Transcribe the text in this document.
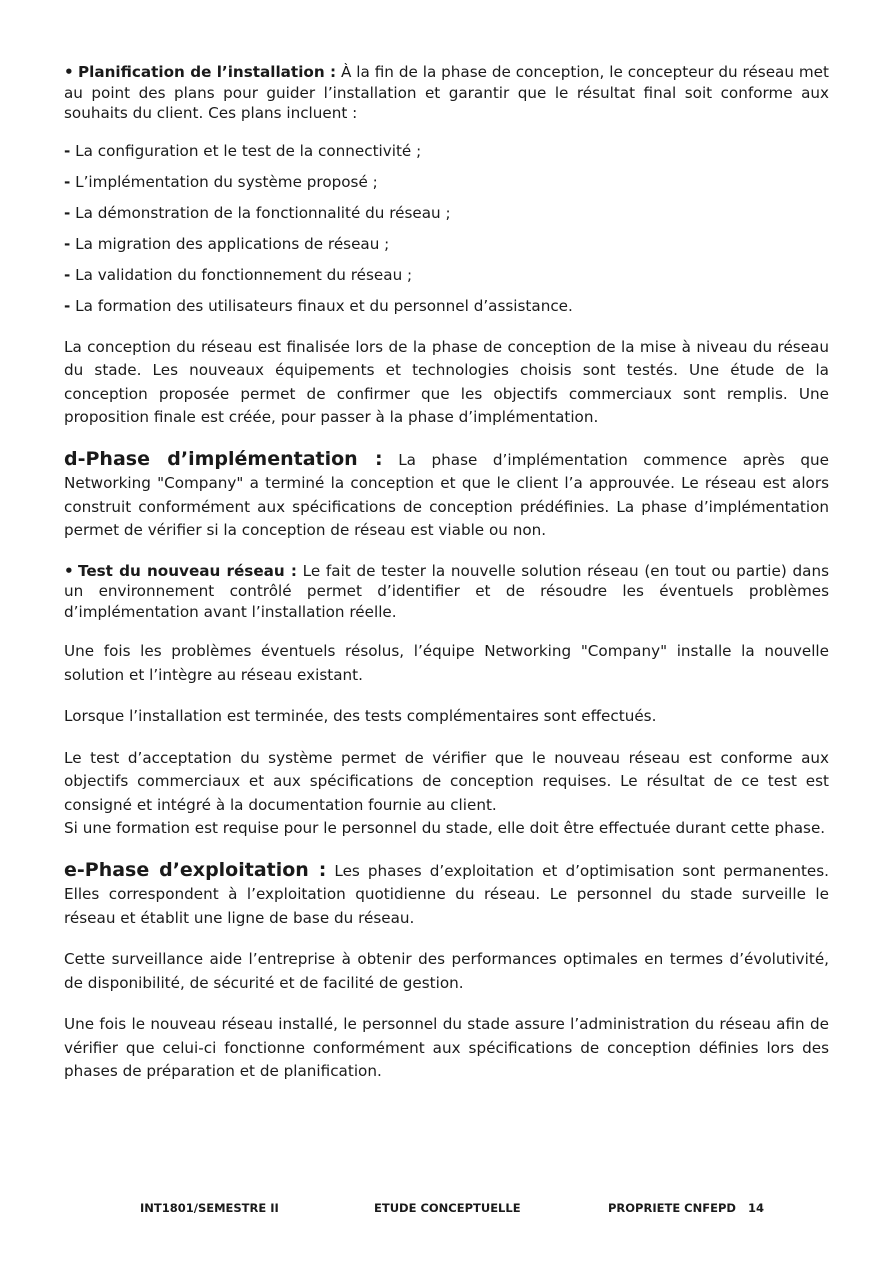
• Planification de l’installation : À la fin de la phase de conception, le concepteur du réseau met au point des plans pour guider l’installation et garantir que le résultat final soit conforme aux souhaits du client. Ces plans incluent :

- La configuration et le test de la connectivité ;
- L’implémentation du système proposé ;
- La démonstration de la fonctionnalité du réseau ;
- La migration des applications de réseau ;
- La validation du fonctionnement du réseau ;
- La formation des utilisateurs finaux et du personnel d’assistance.

La conception du réseau est finalisée lors de la phase de conception de la mise à niveau du réseau du stade. Les nouveaux équipements et technologies choisis sont testés. Une étude de la conception proposée permet de confirmer que les objectifs commerciaux sont remplis. Une proposition finale est créée, pour passer à la phase d’implémentation.

d-Phase d’implémentation : La phase d’implémentation commence après que Networking "Company" a terminé la conception et que le client l’a approuvée. Le réseau est alors construit conformément aux spécifications de conception prédéfinies. La phase d’implémentation permet de vérifier si la conception de réseau est viable ou non.

• Test du nouveau réseau : Le fait de tester la nouvelle solution réseau (en tout ou partie) dans un environnement contrôlé permet d’identifier et de résoudre les éventuels problèmes d’implémentation avant l’installation réelle.

Une fois les problèmes éventuels résolus, l’équipe Networking "Company" installe la nouvelle solution et l’intègre au réseau existant.

Lorsque l’installation est terminée, des tests complémentaires sont effectués.

Le test d’acceptation du système permet de vérifier que le nouveau réseau est conforme aux objectifs commerciaux et aux spécifications de conception requises. Le résultat de ce test est consigné et intégré à la documentation fournie au client.
Si une formation est requise pour le personnel du stade, elle doit être effectuée durant cette phase.

e-Phase d’exploitation : Les phases d’exploitation et d’optimisation sont permanentes. Elles correspondent à l’exploitation quotidienne du réseau. Le personnel du stade surveille le réseau et établit une ligne de base du réseau.

Cette surveillance aide l’entreprise à obtenir des performances optimales en termes d’évolutivité, de disponibilité, de sécurité et de facilité de gestion.

Une fois le nouveau réseau installé, le personnel du stade assure l’administration du réseau afin de vérifier que celui-ci fonctionne conformément aux spécifications de conception définies lors des phases de préparation et de planification.

INT1801/SEMESTRE II	ETUDE CONCEPTUELLE	PROPRIETE CNFEPD 14
